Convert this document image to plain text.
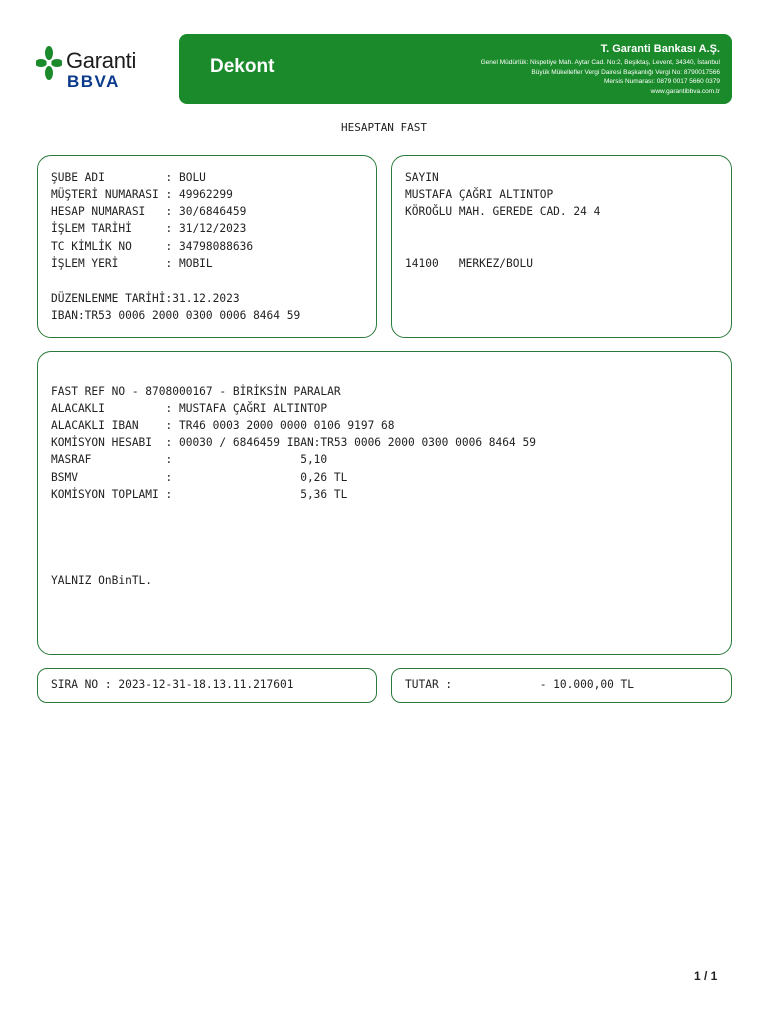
Garanti
BBVA
Dekont
T. Garanti Bankası A.Ş.
Genel Müdürlük: Nispetiye Mah. Aytar Cad. No:2, Beşiktaş, Levent, 34340, İstanbul
Büyük Mükellefler Vergi Dairesi Başkanlığı Vergi No: 8790017566
Mersis Numarası: 0879 0017 5660 0379
www.garantibbva.com.tr
HESAPTAN FAST
ŞUBE ADI         : BOLU
MÜŞTERİ NUMARASI : 49962299
HESAP NUMARASI   : 30/6846459
İŞLEM TARİHİ     : 31/12/2023
TC KİMLİK NO     : 34798088636
İŞLEM YERİ       : MOBIL
DÜZENLENME TARİHİ:31.12.2023
IBAN:TR53 0006 2000 0300 0006 8464 59
SAYIN
MUSTAFA ÇAĞRI ALTINTOP
KÖROĞLU MAH. GEREDE CAD. 24 4
14100   MERKEZ/BOLU
FAST REF NO - 8708000167 - BİRİKSİN PARALAR
ALACAKLI         : MUSTAFA ÇAĞRI ALTINTOP
ALACAKLI IBAN    : TR46 0003 2000 0000 0106 9197 68
KOMİSYON HESABI  : 00030 / 6846459 IBAN:TR53 0006 2000 0300 0006 8464 59
MASRAF           :                   5,10
BSMV             :                   0,26 TL
KOMİSYON TOPLAMI :                   5,36 TL
YALNIZ OnBinTL.
SIRA NO : 2023-12-31-18.13.11.217601	TUTAR :             - 10.000,00 TL
1 / 1
